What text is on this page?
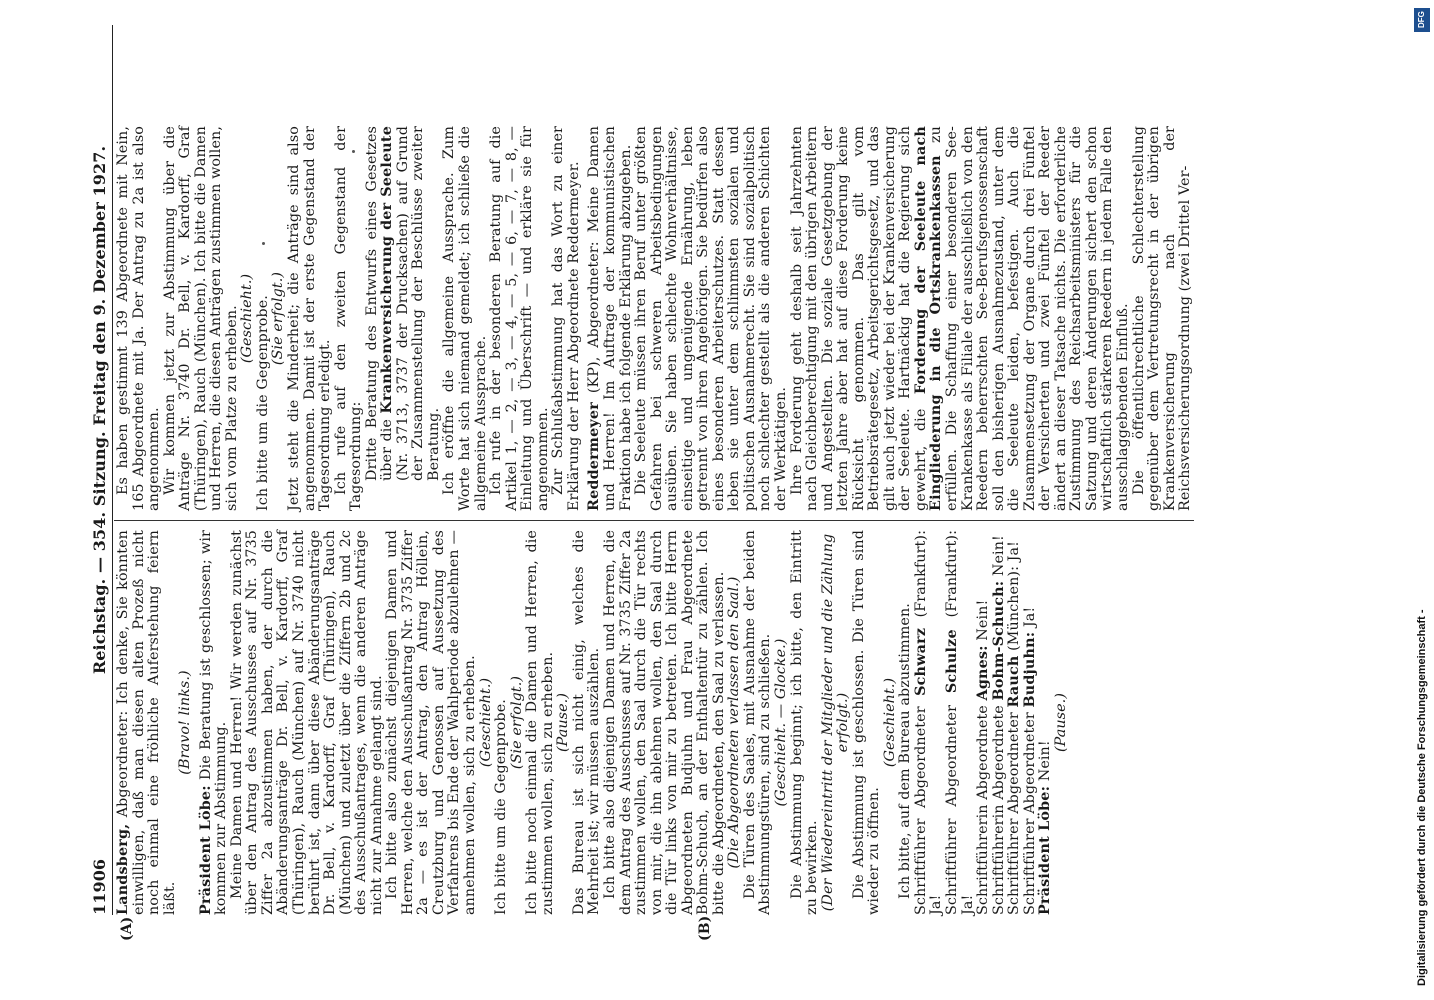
11906
Reichstag. — 354. Sitzung. Freitag den 9. Dezember 1927.
(A)	(B)

Landsberg, Abgeordneter: Ich denke, Sie könnten einwilligen, daß man diesen alten Prozeß nicht noch einmal eine fröhliche Auferstehung feiern läßt.

(Bravo! links.)

Präsident Löbe: Die Beratung ist geschlossen; wir kommen zur Abstimmung. Meine Damen und Herren! Wir werden zunächst über den Antrag des Ausschusses auf Nr. 3735 Ziffer 2a abzustimmen haben, der durch die Abänderungsanträge Dr. Bell, v. Kardorff, Graf (Thüringen), Rauch (München) auf Nr. 3740 nicht berührt ist, dann über diese Abänderungsanträge Dr. Bell, v. Kardorff, Graf (Thüringen), Rauch (München) und zuletzt über die Ziffern 2b und 2c des Ausschußantrages, wenn die anderen Anträge nicht zur Annahme gelangt sind. Ich bitte also zunächst diejenigen Damen und Herren, welche den Ausschußantrag Nr. 3735 Ziffer 2a — es ist der Antrag, den Antrag Höllein, Creutzburg und Genossen auf Aussetzung des Verfahrens bis Ende der Wahlperiode abzulehnen — annehmen wollen, sich zu erheben. (Geschieht.) Ich bitte um die Gegenprobe. (Sie erfolgt.) Ich bitte noch einmal die Damen und Herren, die zustimmen wollen, sich zu erheben. (Pause.) Das Bureau ist sich nicht einig, welches die Mehrheit ist; wir müssen auszählen. Ich bitte also diejenigen Damen und Herren, die dem Antrag des Ausschusses auf Nr. 3735 Ziffer 2a zustimmen wollen, den Saal durch die Tür rechts von mir, die ihn ablehnen wollen, den Saal durch die Tür links von mir zu betreten. Ich bitte Herrn Abgeordneten Budjuhn und Frau Abgeordnete Bohm-Schuch, an der Enthaltentür zu zählen. Ich bitte die Abgeordneten, den Saal zu verlassen. (Die Abgeordneten verlassen den Saal.) Die Türen des Saales, mit Ausnahme der beiden Abstimmungstüren, sind zu schließen. (Geschieht. — Glocke.) Die Abstimmung beginnt; ich bitte, den Eintritt zu bewirken. (Der Wiedereintritt der Mitglieder und die Zählung erfolgt.) Die Abstimmung ist geschlossen. Die Türen sind wieder zu öffnen.

(Geschieht.) Ich bitte, auf dem Bureau abzustimmen. Schriftführer Abgeordneter Schwarz (Frankfurt): Ja! Schriftführer Abgeordneter Schulze (Frankfurt): Ja! Schriftführerin Abgeordnete Agnes: Nein!

Schriftführerin Abgeordnete Bohm-Schuch: Nein!

Schriftführer Abgeordneter Rauch (München): Ja!

Schriftführer Abgeordneter Budjuhn: Ja!

Präsident Löbe: Nein!

(Pause.)

Es haben gestimmt 139 Abgeordnete mit Nein, 165 Abgeordnete mit Ja. Der Antrag zu 2a ist also angenommen. Wir kommen jetzt zur Abstimmung über die Anträge Nr. 3740 Dr. Bell, v. Kardorff, Graf (Thüringen), Rauch (München). Ich bitte die Damen und Herren, die diesen Anträgen zustimmen wollen, sich vom Platze zu erheben. (Geschieht.) Ich bitte um die Gegenprobe. (Sie erfolgt.) Jetzt steht die Minderheit; die Anträge sind also angenommen. Damit ist der erste Gegenstand der Tagesordnung erledigt. Ich rufe auf den zweiten Gegenstand der Tagesordnung: Dritte Beratung des Entwurfs eines Gesetzes über die Krankenversicherung der Seeleute (Nr. 3713, 3737 der Drucksachen) auf Grund der Zusammenstellung der Beschlüsse zweiter Beratung. Ich eröffne die allgemeine Aussprache. Zum Worte hat sich niemand gemeldet; ich schließe die allgemeine Aussprache. Ich rufe in der besonderen Beratung auf die Artikel 1, — 2, — 3, — 4, — 5, — 6, — 7, — 8, — Einleitung und Überschrift — und erkläre sie für angenommen. Zur Schlußabstimmung hat das Wort zu einer Erklärung der Herr Abgeordnete Reddermeyer. Reddermeyer (KP), Abgeordneter: Meine Damen und Herren! Im Auftrage der kommunistischen Fraktion habe ich folgende Erklärung abzugeben. Die Seeleute müssen ihren Beruf unter größten Gefahren bei schweren Arbeitsbedingungen ausüben. Sie haben schlechte Wohnverhältnisse, einseitige und ungenügende Ernährung, leben getrennt von ihren Angehörigen. Sie bedürfen also eines besonderen Arbeiterschutzes. Statt dessen leben sie unter dem schlimmsten sozialen und politischen Ausnahmerecht. Sie sind sozialpolitisch noch schlechter gestellt als die anderen Schichten der Werktätigen. Ihre Forderung geht deshalb seit Jahrzehnten nach Gleichberechtigung mit den übrigen Arbeitern und Angestellten. Die soziale Gesetzgebung der letzten Jahre aber hat auf diese Forderung keine Rücksicht genommen. Das gilt vom Betriebsrätegesetz, Arbeitsgerichtsgesetz, und das gilt auch jetzt wieder bei der Krankenversicherung der Seeleute. Hartnäckig hat die Regierung sich gewehrt, die Forderung der Seeleute nach Eingliederung in die Ortskrankenkassen zu erfüllen. Die Schaffung einer besonderen See-Krankenkasse als Filiale der ausschließlich von den Reedern beherrschten See-Berufsgenossenschaft soll den bisherigen Ausnahmezustand, unter dem die Seeleute leiden, befestigen. Auch die Zusammensetzung der Organe durch drei Fünftel der Versicherten und zwei Fünftel der Reeder ändert an dieser Tatsache nichts. Die erforderliche Zustimmung des Reichsarbeitsministers für die Satzung und deren Änderungen sichert den schon wirtschaftlich stärkeren Reedern in jedem Falle den ausschlaggebenden Einfluß. Die öffentlichrechtliche Schlechterstellung gegenüber dem Vertretungsrecht in der übrigen Krankenversicherung nach der Reichsversicherungsordnung (zwei Drittel Ver-

DFG
Digitalisierung gefördert durch die Deutsche Forschungsgemeinschaft -
